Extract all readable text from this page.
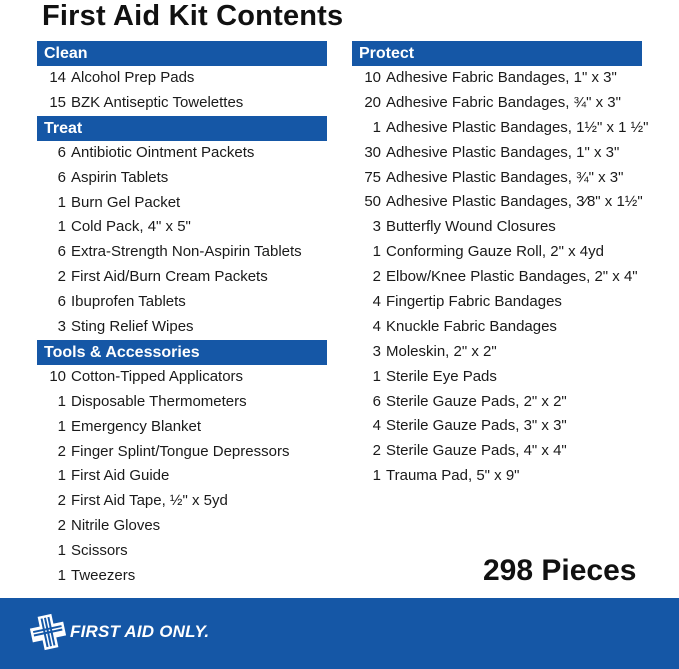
First Aid Kit Contents
Clean
14 Alcohol Prep Pads
15 BZK Antiseptic Towelettes
Treat
6 Antibiotic Ointment Packets
6 Aspirin Tablets
1 Burn Gel Packet
1 Cold Pack, 4" x 5"
6 Extra-Strength Non-Aspirin Tablets
2 First Aid/Burn Cream Packets
6 Ibuprofen Tablets
3 Sting Relief Wipes
Tools & Accessories
10 Cotton-Tipped Applicators
1 Disposable Thermometers
1 Emergency Blanket
2 Finger Splint/Tongue Depressors
1 First Aid Guide
2 First Aid Tape, ½" x 5yd
2 Nitrile Gloves
1 Scissors
1 Tweezers
Protect
10 Adhesive Fabric Bandages, 1" x 3"
20 Adhesive Fabric Bandages, ¾" x 3"
1 Adhesive Plastic Bandages, 1½" x 1 ½"
30 Adhesive Plastic Bandages, 1" x 3"
75 Adhesive Plastic Bandages, ¾" x 3"
50 Adhesive Plastic Bandages, 3⁄8" x 1½"
3 Butterfly Wound Closures
1 Conforming Gauze Roll, 2" x 4yd
2 Elbow/Knee Plastic Bandages, 2" x 4"
4 Fingertip Fabric Bandages
4 Knuckle Fabric Bandages
3 Moleskin, 2" x 2"
1 Sterile Eye Pads
6 Sterile Gauze Pads, 2" x 2"
4 Sterile Gauze Pads, 3" x 3"
2 Sterile Gauze Pads, 4" x 4"
1 Trauma Pad, 5" x 9"
298 Pieces
FIRST AID ONLY.
